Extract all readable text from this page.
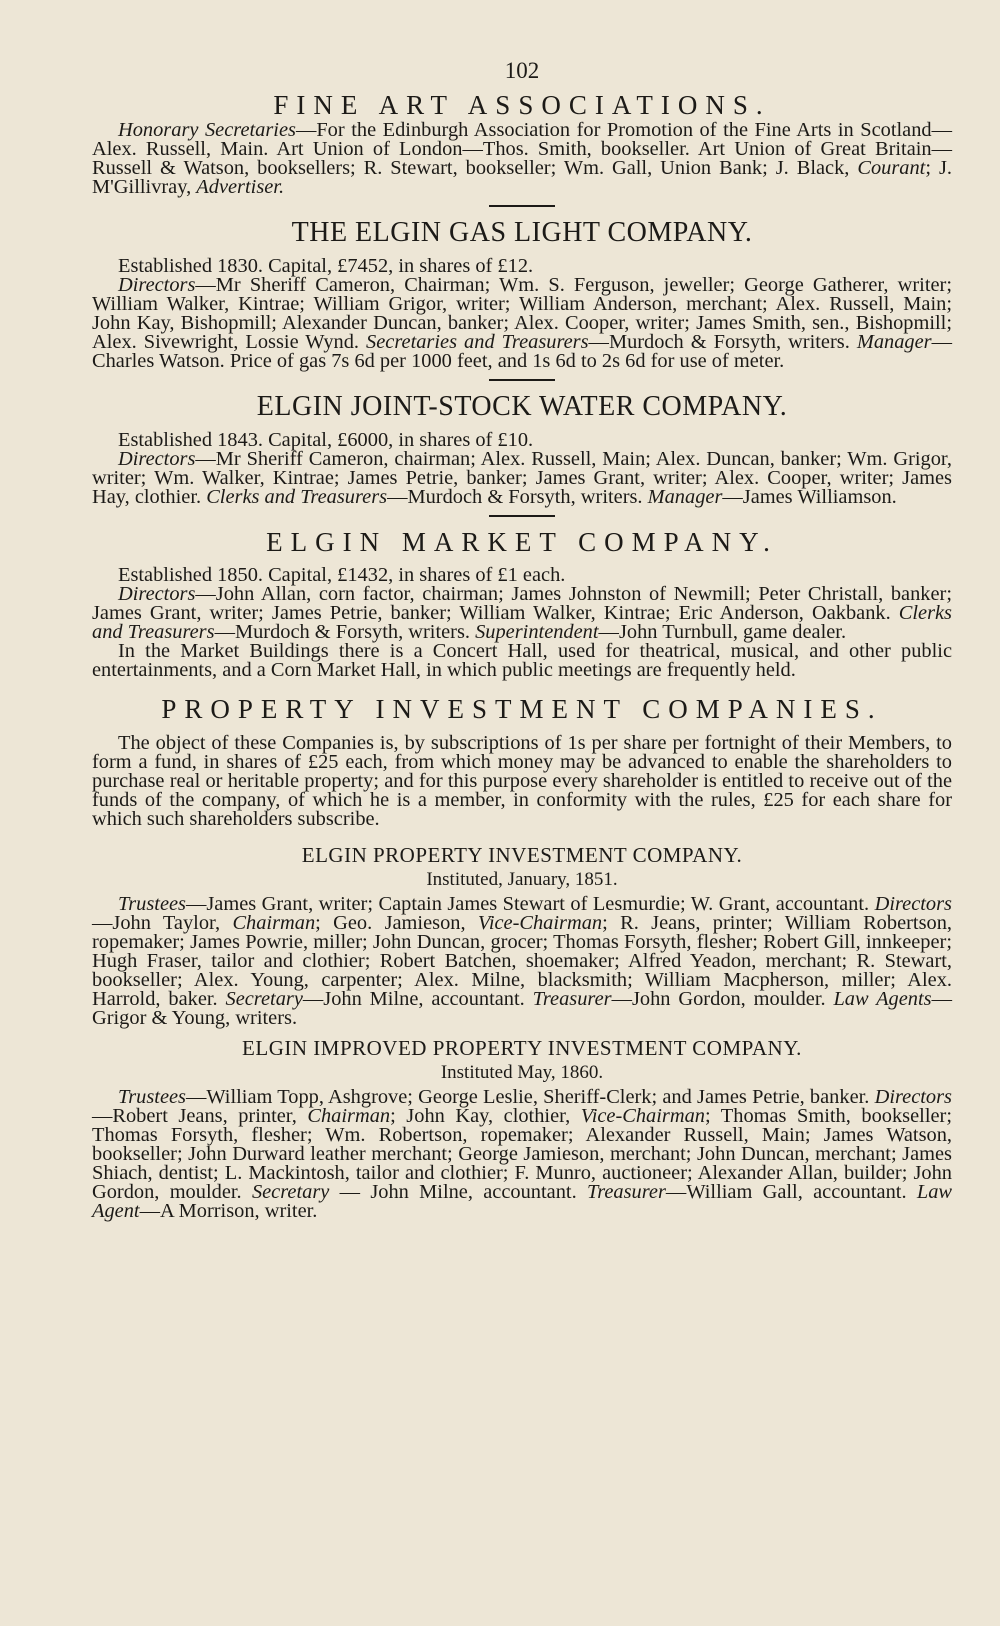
102
FINE ART ASSOCIATIONS.

Honorary Secretaries—For the Edinburgh Association for Promotion of the Fine Arts in Scotland—Alex. Russell, Main. Art Union of London—Thos. Smith, bookseller. Art Union of Great Britain—Russell & Watson, booksellers; R. Stewart, bookseller; Wm. Gall, Union Bank; J. Black, Courant; J. M'Gillivray, Advertiser.

THE ELGIN GAS LIGHT COMPANY.

Established 1830. Capital, £7452, in shares of £12.

Directors—Mr Sheriff Cameron, Chairman; Wm. S. Ferguson, jeweller; George Gatherer, writer; William Walker, Kintrae; William Grigor, writer; William Anderson, merchant; Alex. Russell, Main; John Kay, Bishopmill; Alexander Duncan, banker; Alex. Cooper, writer; James Smith, sen., Bishopmill; Alex. Sivewright, Lossie Wynd. Secretaries and Treasurers—Murdoch & Forsyth, writers. Manager—Charles Watson. Price of gas 7s 6d per 1000 feet, and 1s 6d to 2s 6d for use of meter.

ELGIN JOINT-STOCK WATER COMPANY.

Established 1843. Capital, £6000, in shares of £10.

Directors—Mr Sheriff Cameron, chairman; Alex. Russell, Main; Alex. Duncan, banker; Wm. Grigor, writer; Wm. Walker, Kintrae; James Petrie, banker; James Grant, writer; Alex. Cooper, writer; James Hay, clothier. Clerks and Treasurers—Murdoch & Forsyth, writers. Manager—James Williamson.

ELGIN MARKET COMPANY.

Established 1850. Capital, £1432, in shares of £1 each.

Directors—John Allan, corn factor, chairman; James Johnston of Newmill; Peter Christall, banker; James Grant, writer; James Petrie, banker; William Walker, Kintrae; Eric Anderson, Oakbank. Clerks and Treasurers—Murdoch & Forsyth, writers. Superintendent—John Turnbull, game dealer.

In the Market Buildings there is a Concert Hall, used for theatrical, musical, and other public entertainments, and a Corn Market Hall, in which public meetings are frequently held.

PROPERTY INVESTMENT COMPANIES.

The object of these Companies is, by subscriptions of 1s per share per fortnight of their Members, to form a fund, in shares of £25 each, from which money may be advanced to enable the shareholders to purchase real or heritable property; and for this purpose every shareholder is entitled to receive out of the funds of the company, of which he is a member, in conformity with the rules, £25 for each share for which such shareholders subscribe.

ELGIN PROPERTY INVESTMENT COMPANY.
Instituted, January, 1851.

Trustees—James Grant, writer; Captain James Stewart of Lesmurdie; W. Grant, accountant. Directors—John Taylor, Chairman; Geo. Jamieson, Vice-Chairman; R. Jeans, printer; William Robertson, ropemaker; James Powrie, miller; John Duncan, grocer; Thomas Forsyth, flesher; Robert Gill, innkeeper; Hugh Fraser, tailor and clothier; Robert Batchen, shoemaker; Alfred Yeadon, merchant; R. Stewart, bookseller; Alex. Young, carpenter; Alex. Milne, blacksmith; William Macpherson, miller; Alex. Harrold, baker. Secretary—John Milne, accountant. Treasurer—John Gordon, moulder. Law Agents—Grigor & Young, writers.

ELGIN IMPROVED PROPERTY INVESTMENT COMPANY.
Instituted May, 1860.

Trustees—William Topp, Ashgrove; George Leslie, Sheriff-Clerk; and James Petrie, banker. Directors—Robert Jeans, printer, Chairman; John Kay, clothier, Vice-Chairman; Thomas Smith, bookseller; Thomas Forsyth, flesher; Wm. Robertson, ropemaker; Alexander Russell, Main; James Watson, bookseller; John Durward leather merchant; George Jamieson, merchant; John Duncan, merchant; James Shiach, dentist; L. Mackintosh, tailor and clothier; F. Munro, auctioneer; Alexander Allan, builder; John Gordon, moulder. Secretary — John Milne, accountant. Treasurer—William Gall, accountant. Law Agent—A Morrison, writer.
